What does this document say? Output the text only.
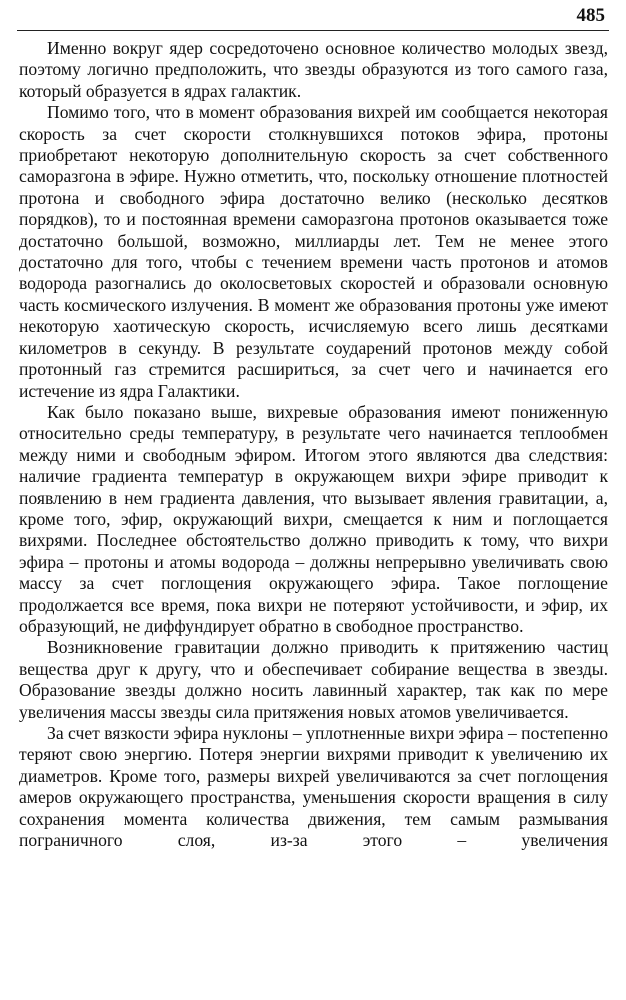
485

Именно вокруг ядер сосредоточено основное количество молодых звезд, поэтому логично предположить, что звезды образуются из того самого газа, который образуется в ядрах галактик.

Помимо того, что в момент образования вихрей им сообщается некоторая скорость за счет скорости столкнувшихся потоков эфира, протоны приобретают некоторую дополнительную скорость за счет собственного саморазгона в эфире. Нужно отметить, что, поскольку отношение плотностей протона и свободного эфира достаточно велико (несколько десятков порядков), то и постоянная времени саморазгона протонов оказывается тоже достаточно большой, возможно, миллиарды лет. Тем не менее этого достаточно для того, чтобы с течением времени часть протонов и атомов водорода разогнались до околосветовых скоростей и образовали основную часть космического излучения. В момент же образования протоны уже имеют некоторую хаотическую скорость, исчисляемую всего лишь десятками километров в секунду. В результате соударений протонов между собой протонный газ стремится расшириться, за счет чего и начинается его истечение из ядра Галактики.

Как было показано выше, вихревые образования имеют пониженную относительно среды температуру, в результате чего начинается теплообмен между ними и свободным эфиром. Итогом этого являются два следствия: наличие градиента температур в окружающем вихри эфире приводит к появлению в нем градиента давления, что вызывает явления гравитации, а, кроме того, эфир, окружающий вихри, смещается к ним и поглощается вихрями. Последнее обстоятельство должно приводить к тому, что вихри эфира – протоны и атомы водорода – должны непрерывно увеличивать свою массу за счет поглощения окружающего эфира. Такое поглощение продолжается все время, пока вихри не потеряют устойчивости, и эфир, их образующий, не диффундирует обратно в свободное пространство.

Возникновение гравитации должно приводить к притяжению частиц вещества друг к другу, что и обеспечивает собирание вещества в звезды. Образование звезды должно носить лавинный характер, так как по мере увеличения массы звезды сила притяжения новых атомов увеличивается.

За счет вязкости эфира нуклоны – уплотненные вихри эфира – постепенно теряют свою энергию. Потеря энергии вихрями приводит к увеличению их диаметров. Кроме того, размеры вихрей увеличиваются за счет поглощения амеров окружающего пространства, уменьшения скорости вращения в силу сохранения момента количества движения, тем самым размывания пограничного слоя, из-за этого – увеличения
